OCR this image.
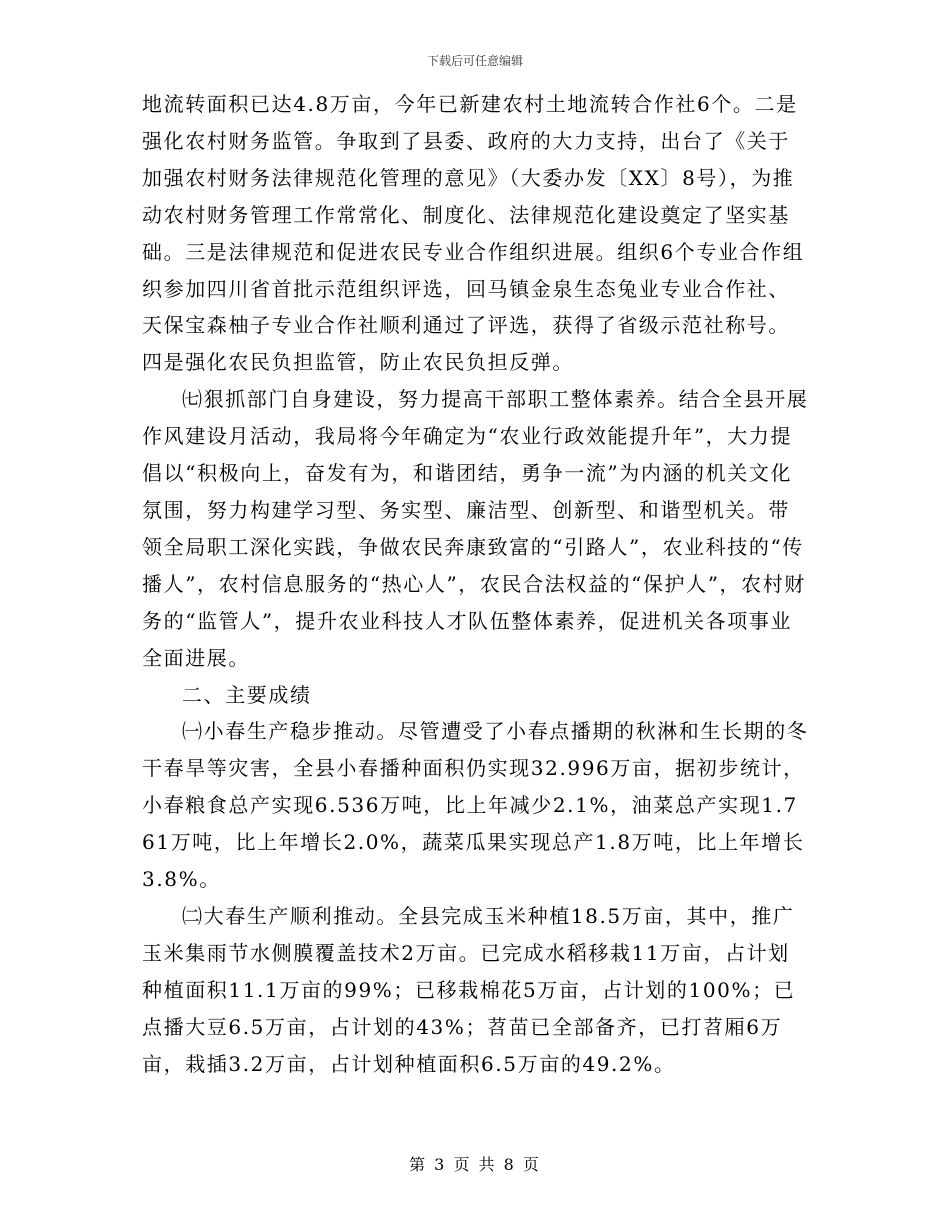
下载后可任意编辑

地流转面积已达4.8万亩，今年已新建农村土地流转合作社6个。二是强化农村财务监管。争取到了县委、政府的大力支持，出台了《关于加强农村财务法律规范化管理的意见》（大委办发〔XX〕8号），为推动农村财务管理工作常常化、制度化、法律规范化建设奠定了坚实基础。三是法律规范和促进农民专业合作组织进展。组织6个专业合作组织参加四川省首批示范组织评选，回马镇金泉生态兔业专业合作社、天保宝森柚子专业合作社顺利通过了评选，获得了省级示范社称号。四是强化农民负担监管，防止农民负担反弹。

㈦狠抓部门自身建设，努力提高干部职工整体素养。结合全县开展作风建设月活动，我局将今年确定为“农业行政效能提升年”，大力提倡以“积极向上，奋发有为，和谐团结，勇争一流”为内涵的机关文化氛围，努力构建学习型、务实型、廉洁型、创新型、和谐型机关。带领全局职工深化实践，争做农民奔康致富的“引路人”，农业科技的“传播人”，农村信息服务的“热心人”，农民合法权益的“保护人”，农村财务的“监管人”，提升农业科技人才队伍整体素养，促进机关各项事业全面进展。

二、主要成绩

㈠小春生产稳步推动。尽管遭受了小春点播期的秋淋和生长期的冬干春旱等灾害，全县小春播种面积仍实现32.996万亩，据初步统计，小春粮食总产实现6.536万吨，比上年减少2.1%，油菜总产实现1.761万吨，比上年增长2.0%，蔬菜瓜果实现总产1.8万吨，比上年增长3.8%。

㈡大春生产顺利推动。全县完成玉米种植18.5万亩，其中，推广玉米集雨节水侧膜覆盖技术2万亩。已完成水稻移栽11万亩，占计划种植面积11.1万亩的99%；已移栽棉花5万亩，占计划的100%；已点播大豆6.5万亩，占计划的43%；苕苗已全部备齐，已打苕厢6万亩，栽插3.2万亩，占计划种植面积6.5万亩的49.2%。

第 3 页 共 8 页
